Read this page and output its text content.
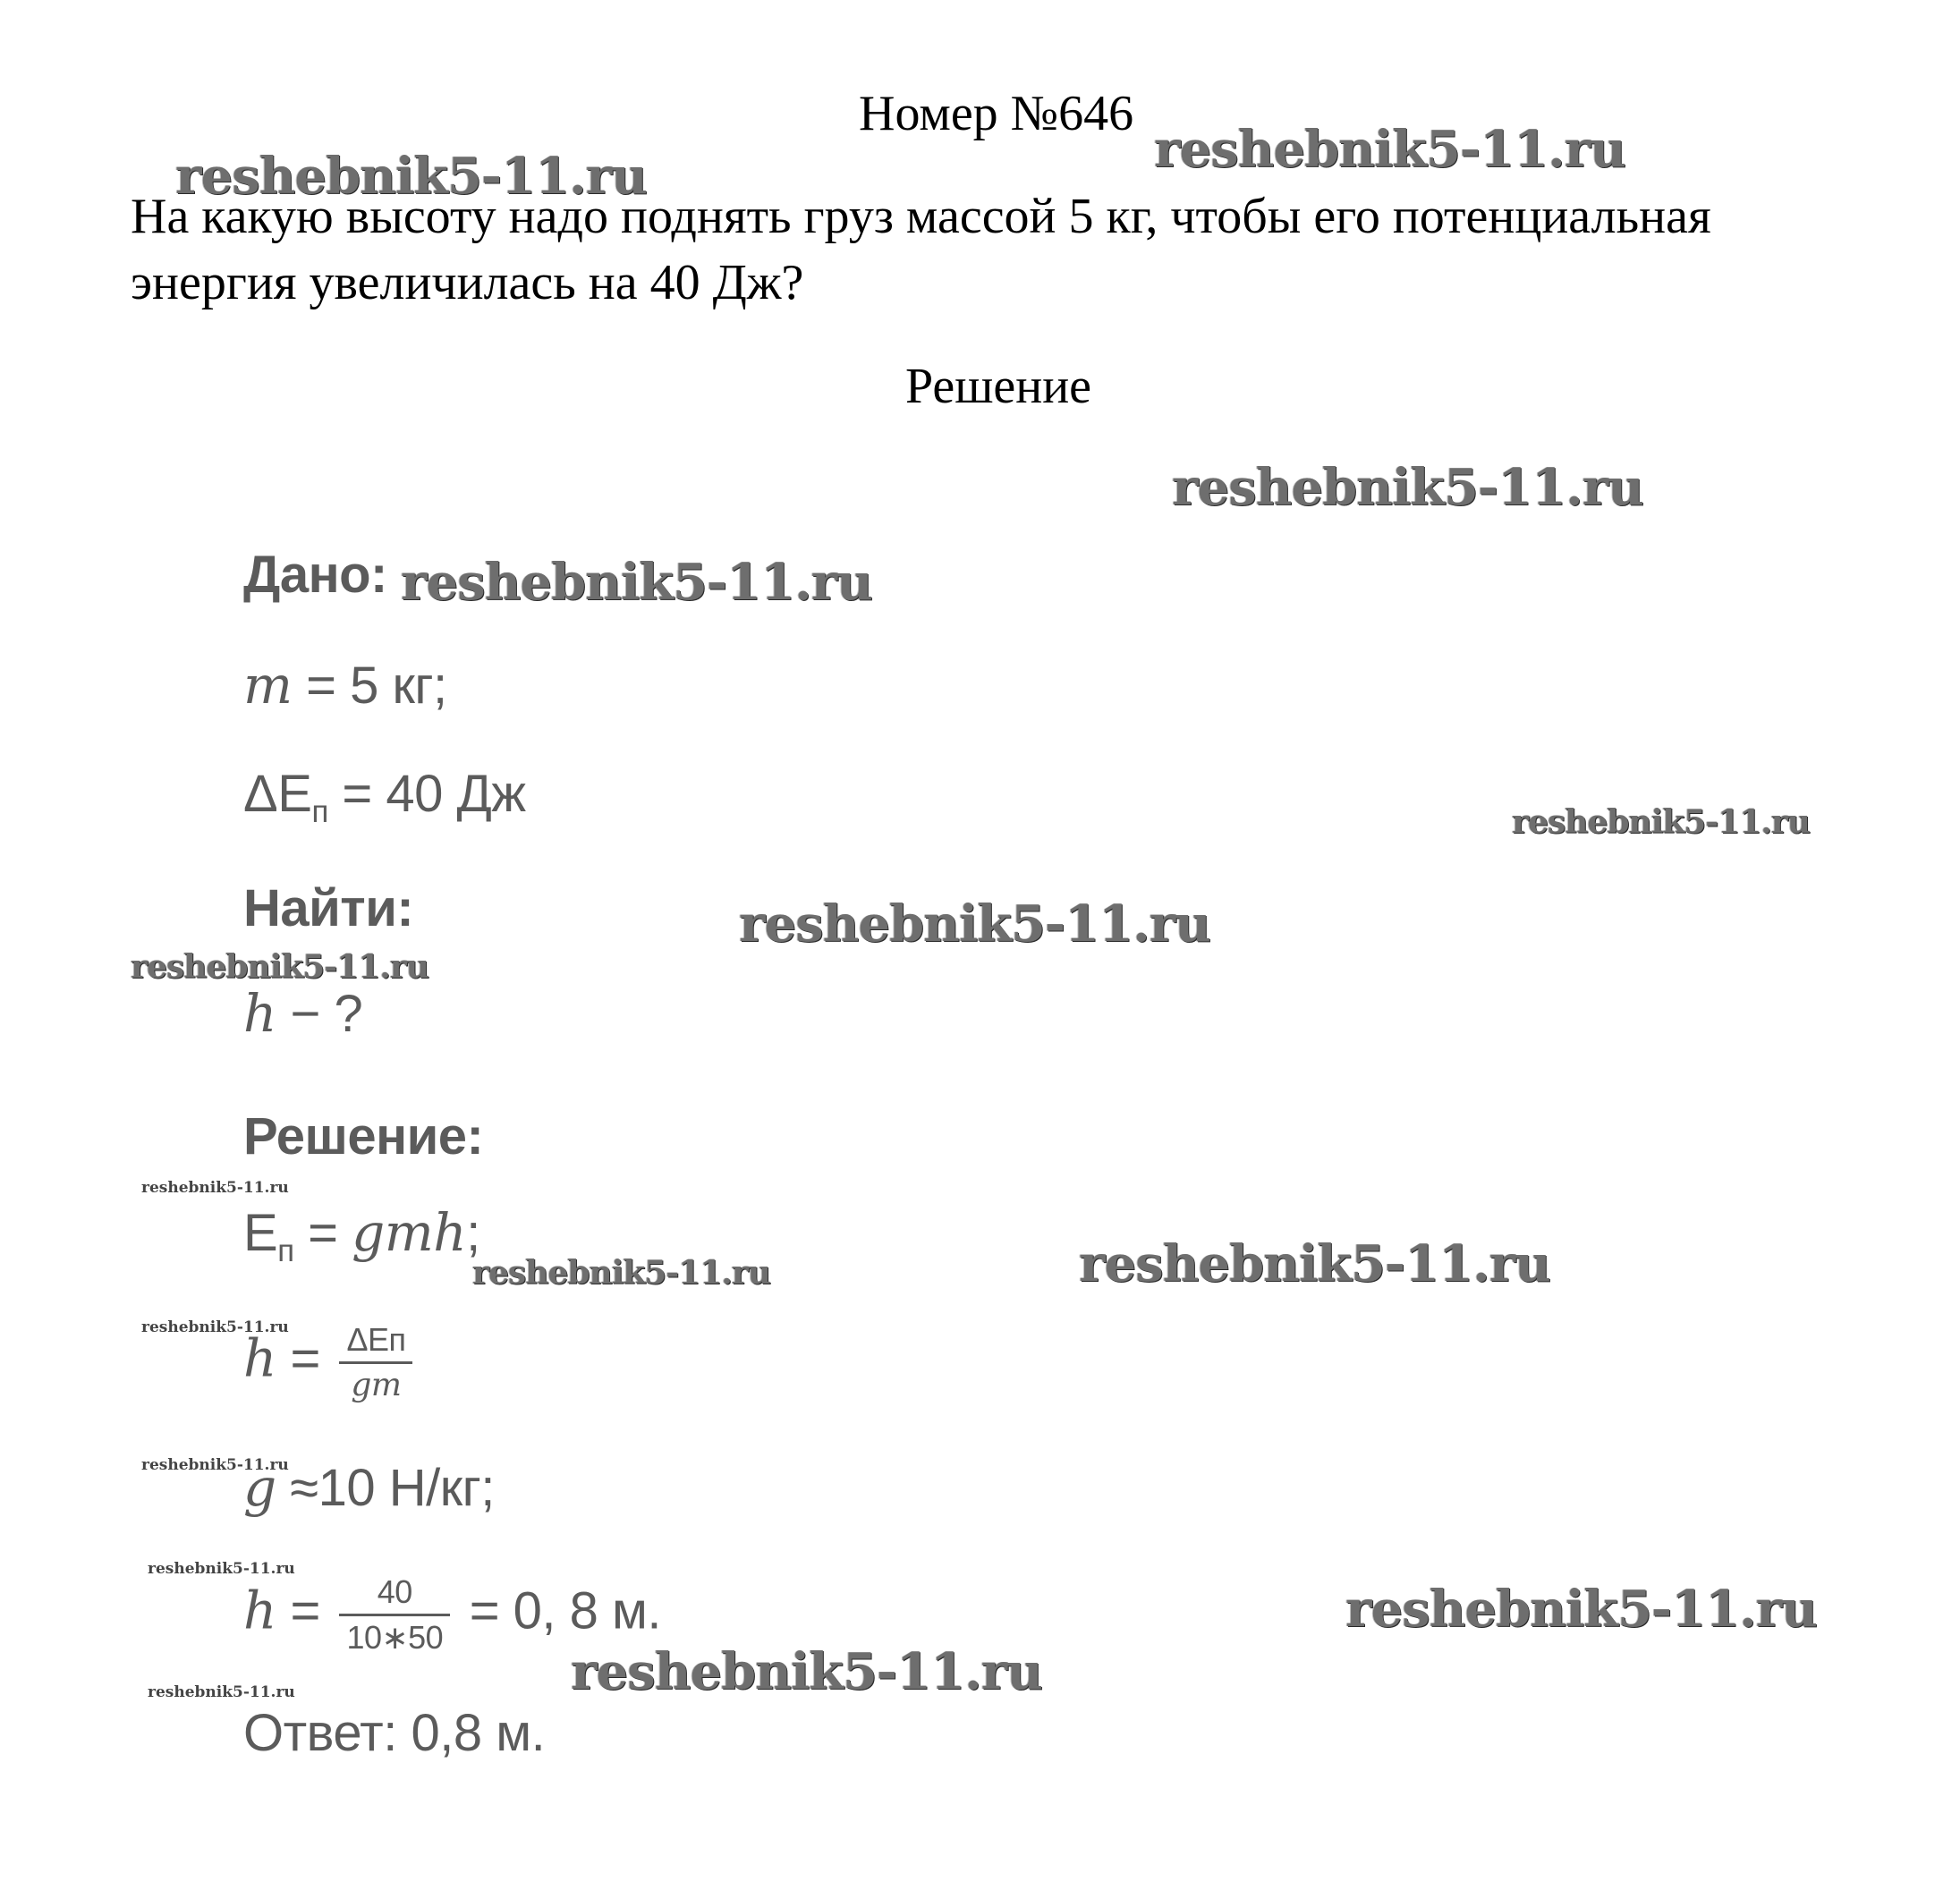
Номер №646
На какую высоту надо поднять груз массой 5 кг, чтобы его потенциальная энергия увеличилась на 40 Дж?
Решение
Дано:
m = 5 кг;
$\Delta E_п = 40$ Дж
Найти:
h − ?
Решение:
$E_п$ = gmh;
$h = \frac{\text{ΔEп}}{gm}$
g ≈10 Н/кг;
$h = \frac{40}{10∗50} = 0$, 8 м.
Ответ: 0,8 м.
reshebnik5-11.ru	reshebnik5-11.ru
reshebnik5-11.ru
reshebnik5-11.ru
reshebnik5-11.ru
reshebnik5-11.ru
reshebnik5-11.ru
reshebnik5-11.ru
reshebnik5-11.ru	reshebnik5-11.ru
reshebnik5-11.ru
reshebnik5-11.ru
reshebnik5-11.ru
reshebnik5-11.ru
reshebnik5-11.ru
reshebnik5-11.ru
